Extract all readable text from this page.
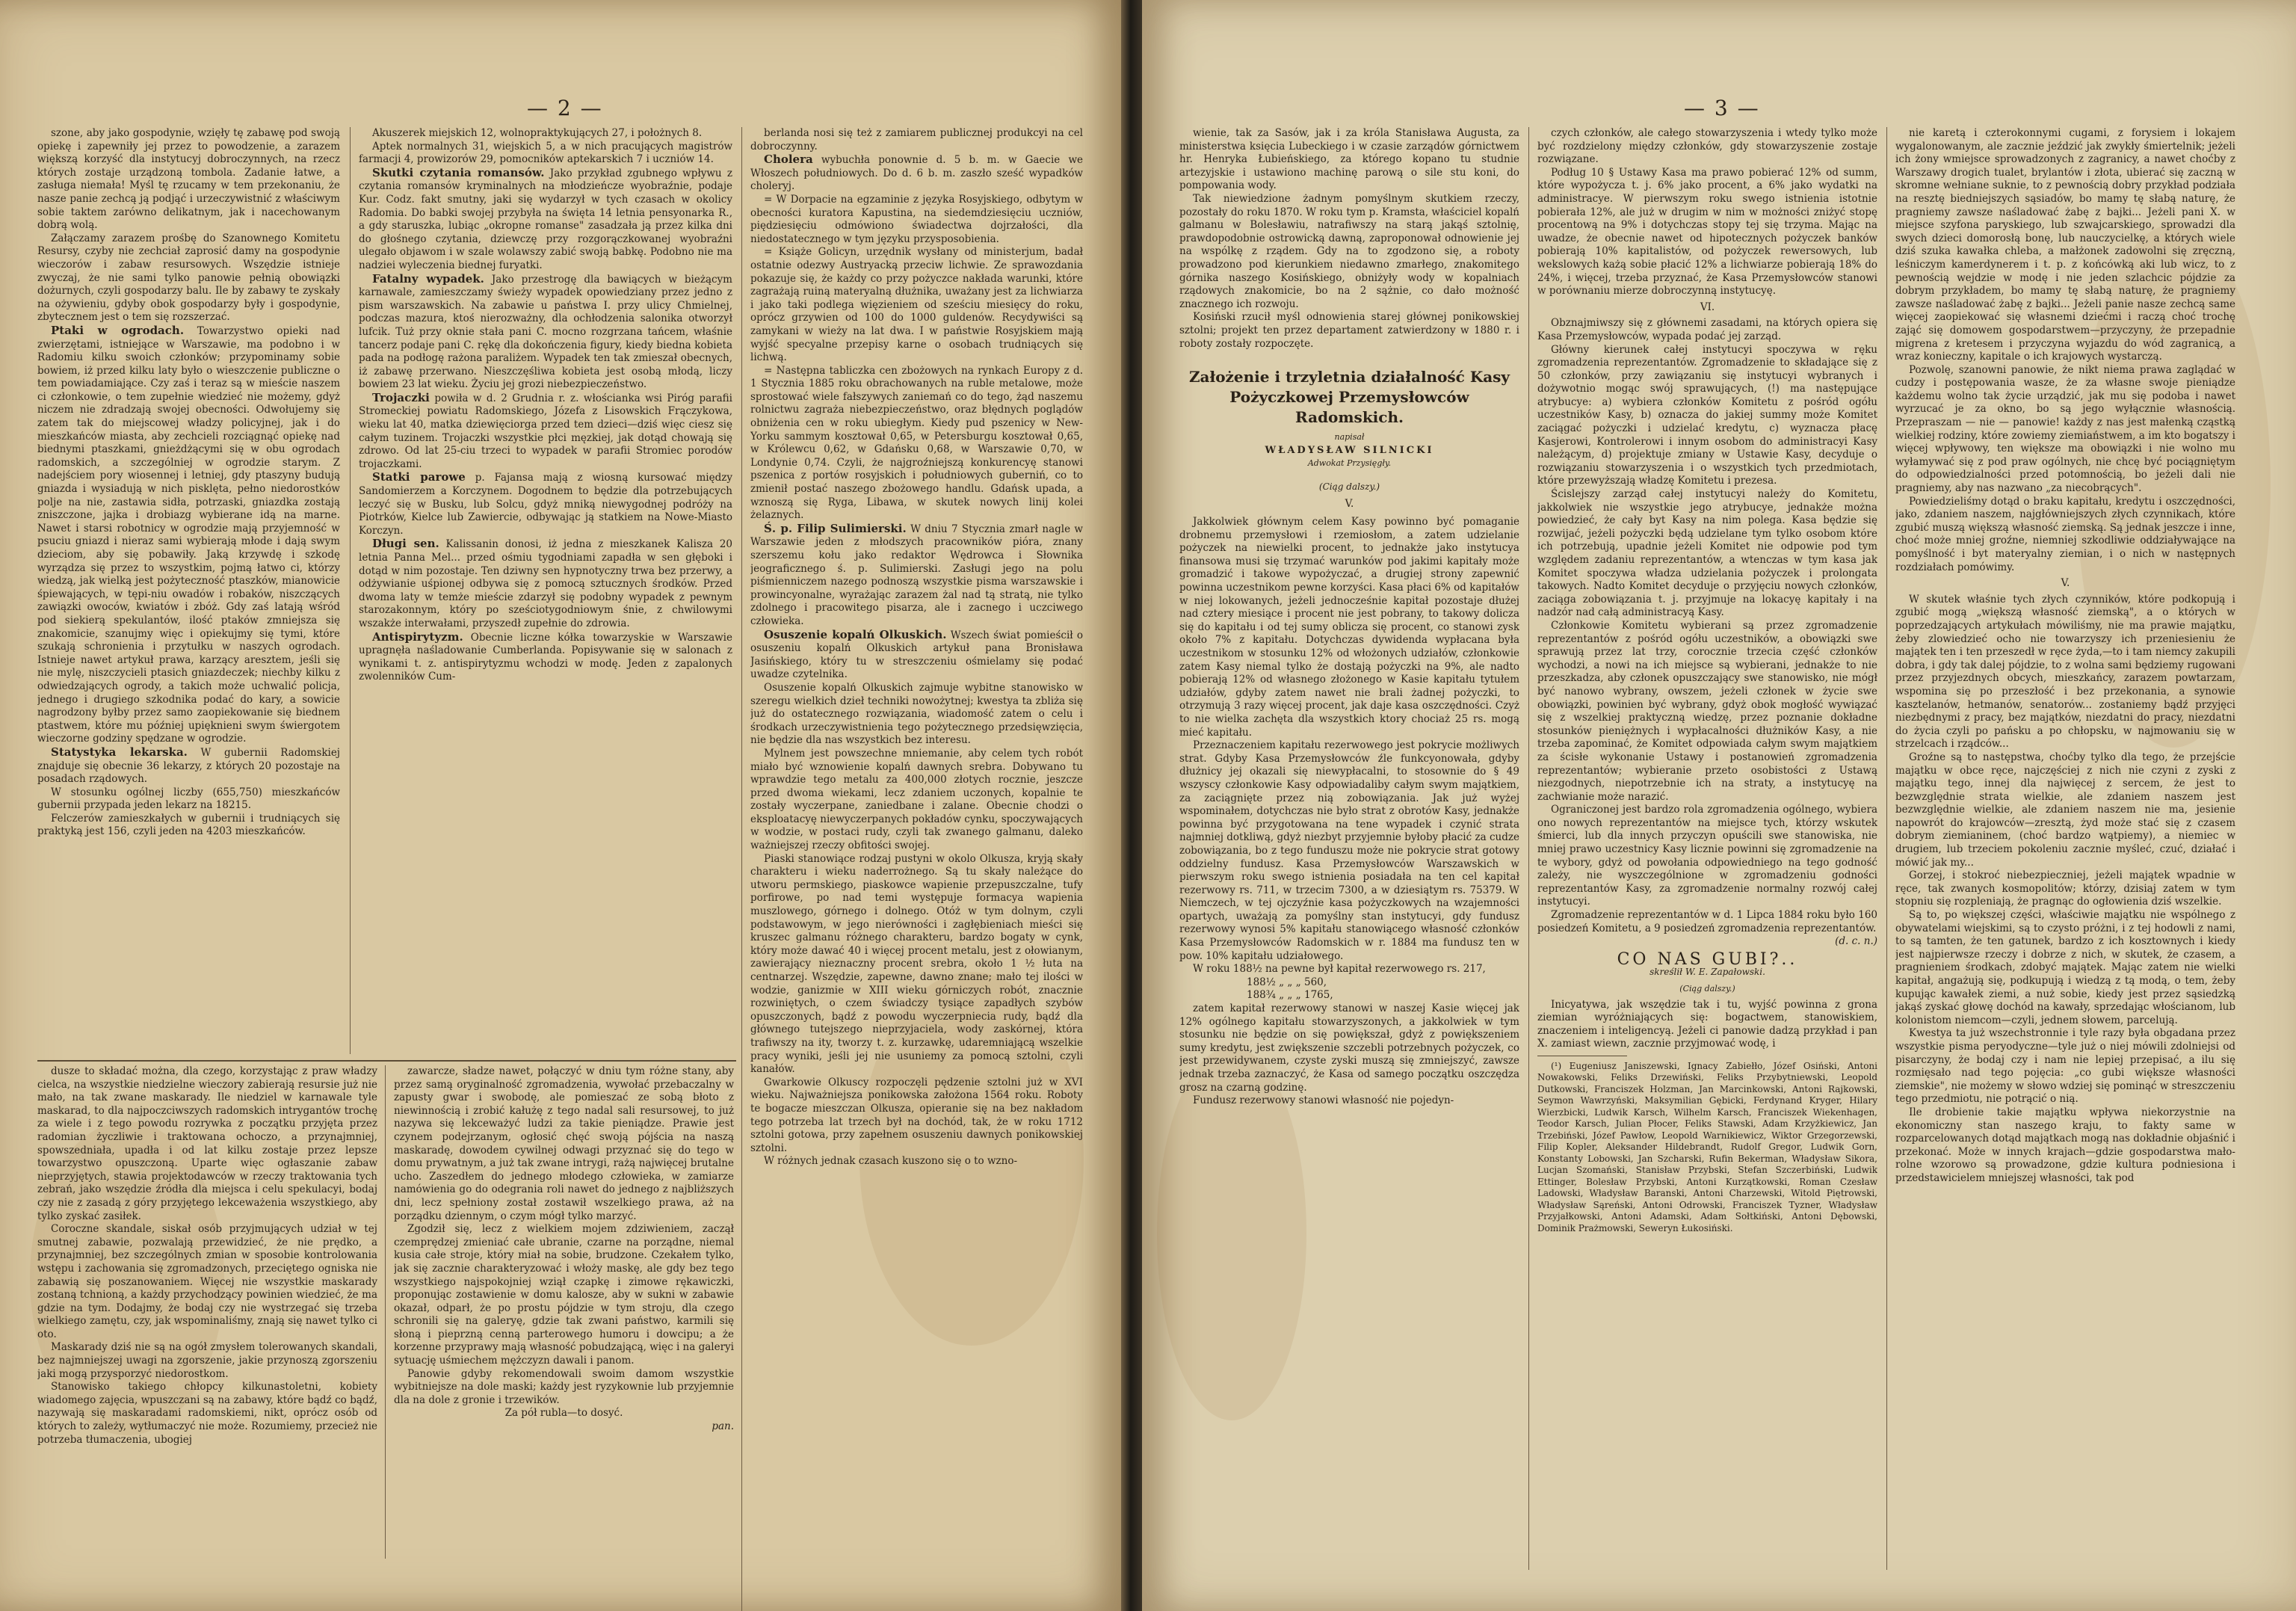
— 2 —

szone, aby jako gospodynie, wzięły tę zabawę pod swoją opiekę i zapewniły jej przez to powodzenie, a zarazem większą korzyść dla instytucyj dobroczynnych, na rzecz których zostaje urządzoną tombola. Zadanie łatwe, a zasługa niemała! Myśl tę rzucamy w tem przekonaniu, że nasze panie zechcą ją podjąć i urzeczywistnić z właściwym sobie taktem zarówno delikatnym, jak i nacechowanym dobrą wolą.

Załączamy zarazem prośbę do Szanownego Komitetu Resursy, czyby nie zechciał zaprosić damy na gospodynie wieczorów i zabaw resursowych. Wszędzie istnieje zwyczaj, że nie sami tylko panowie pełnią obowiązki dożurnych, czyli gospodarzy balu. Ile by zabawy te zyskały na ożywieniu, gdyby obok gospodarzy były i gospodynie, zbytecznem jest o tem się rozszerzać.

Ptaki w ogrodach. Towarzystwo opieki nad zwierzętami, istniejące w Warszawie, ma podobno i w Radomiu kilku swoich członków; przypominamy sobie bowiem, iż przed kilku laty było o wieszczenie publiczne o tem powiadamiające. Czy zaś i teraz są w mieście naszem ci członkowie, o tem zupełnie wiedzieć nie możemy, gdyż niczem nie zdradzają swojej obecności. Odwołujemy się zatem tak do miejscowej władzy policyjnej, jak i do mieszkańców miasta, aby zechcieli rozciągnąć opiekę nad biednymi ptaszkami, gnieżdżącymi się w obu ogrodach radomskich, a szczególniej w ogrodzie starym. Z nadejściem pory wiosennej i letniej, gdy ptaszyny budują gniazda i wysiadują w nich pisklęta, pełno niedorostków polje na nie, zastawia sidła, potrzaski, gniazdka zostają zniszczone, jajka i drobiazg wybierane idą na marne. Nawet i starsi robotnicy w ogrodzie mają przyjemność w psuciu gniazd i nieraz sami wybierają młode i dają swym dzieciom, aby się pobawiły. Jaką krzywdę i szkodę wyrządza się przez to wszystkim, pojmą łatwo ci, którzy wiedzą, jak wielką jest pożyteczność ptaszków, mianowicie śpiewających, w tępi-niu owadów i robaków, niszczących zawiązki owoców, kwiatów i zbóż. Gdy zaś latają wśród pod siekierą spekulantów, ilość ptaków zmniejsza się znakomicie, szanujmy więc i opiekujmy się tymi, które szukają schronienia i przytułku w naszych ogrodach. Istnieje nawet artykuł prawa, karzący aresztem, jeśli się nie mylę, niszczycieli ptasich gniazdeczek; niechby kilku z odwiedzających ogrody, a takich może uchwalić policja, jednego i drugiego szkodnika podać do kary, a sowicie nagrodzony byłby przez samo zaopiekowanie się biednem ptastwem, które mu później upięknieni swym świergotem wieczorne godziny spędzane w ogrodzie.

Statystyka lekarska. W gubernii Radomskiej znajduje się obecnie 36 lekarzy, z których 20 pozostaje na posadach rządowych.

W stosunku ogólnej liczby (655,750) mieszkańców gubernii przypada jeden lekarz na 18215.

Felczerów zamieszkałych w gubernii i trudniących się praktyką jest 156, czyli jeden na 4203 mieszkańców.

Akuszerek miejskich 12, wolnopraktykujących 27, i położnych 8.

Aptek normalnych 31, wiejskich 5, a w nich pracujących magistrów farmacji 4, prowizorów 29, pomocników aptekarskich 7 i uczniów 14.

Skutki czytania romansów. Jako przykład zgubnego wpływu z czytania romansów kryminalnych na młodzieńcze wyobraźnie, podaje Kur. Codz. fakt smutny, jaki się wydarzył w tych czasach w okolicy Radomia. Do babki swojej przybyła na święta 14 letnia pensyonarka R., a gdy staruszka, lubiąc „okropne romanse" zasadzała ją przez kilka dni do głośnego czytania, dziewczę przy rozgorączkowanej wyobraźni ulegało objawom i w szale wolawszy zabić swoją babkę. Podobno nie ma nadziei wyleczenia biednej furyatki.

Fatalny wypadek. Jako przestrogę dla bawiących w bieżącym karnawale, zamieszczamy świeży wypadek opowiedziany przez jedno z pism warszawskich. Na zabawie u państwa I. przy ulicy Chmielnej, podczas mazura, ktoś nierozważny, dla ochłodzenia salonika otworzył lufcik. Tuż przy oknie stała pani C. mocno rozgrzana tańcem, właśnie tancerz podaje pani C. rękę dla dokończenia figury, kiedy biedna kobieta pada na podłogę rażona paraliżem. Wypadek ten tak zmieszał obecnych, iż zabawę przerwano. Nieszczęśliwa kobieta jest osobą młodą, liczy bowiem 23 lat wieku. Życiu jej grozi niebezpieczeństwo.

Trojaczki powiła w d. 2 Grudnia r. z. włościanka wsi Piróg parafii Stromeckiej powiatu Radomskiego, Józefa z Lisowskich Frączykowa, wieku lat 40, matka dziewięciorga przed tem dzieci—dziś więc ciesz się całym tuzinem. Trojaczki wszystkie płci męzkiej, jak dotąd chowają się zdrowo. Od lat 25-ciu trzeci to wypadek w parafii Stromiec porodów trojaczkami.

Statki parowe p. Fajansa mają z wiosną kursować między Sandomierzem a Korczynem. Dogodnem to będzie dla potrzebujących leczyć się w Busku, lub Solcu, gdyż mniką niewygodnej podróży na Piotrków, Kielce lub Zawiercie, odbywając ją statkiem na Nowe-Miasto Korczyn.

Długi sen. Kalissanin donosi, iż jedna z mieszkanek Kalisza 20 letnia Panna Mel... przed ośmiu tygodniami zapadła w sen głęboki i dotąd w nim pozostaje. Ten dziwny sen hypnotyczny trwa bez przerwy, a odżywianie uśpionej odbywa się z pomocą sztucznych środków. Przed dwoma laty w temże mieście zdarzył się podobny wypadek z pewnym starozakonnym, który po sześciotygodniowym śnie, z chwilowymi wszakże interwałami, przyszedł zupełnie do zdrowia.

Antispirytyzm. Obecnie liczne kółka towarzyskie w Warszawie upragnęła naśladowanie Cumberlanda. Popisywanie się w salonach z wynikami t. z. antispirytyzmu wchodzi w modę. Jeden z zapalonych zwolenników Cum-

berlanda nosi się też z zamiarem publicznej produkcyi na cel dobroczynny.

Cholera wybuchła ponownie d. 5 b. m. w Gaecie we Włoszech południowych. Do d. 6 b. m. zaszło sześć wypadków choleryj.

= W Dorpacie na egzaminie z języka Rosyjskiego, odbytym w obecności kuratora Kapustina, na siedemdziesięciu uczniów, piędziesięciu odmówiono świadectwa dojrzałości, dla niedostatecznego w tym języku przysposobienia.

= Książe Golicyn, urzędnik wysłany od ministerjum, badał ostatnie odezwy Austryacką przeciw lichwie. Ze sprawozdania pokazuje się, że każdy co przy pożyczce nakłada warunki, które zagrażają ruiną materyalną dłużnika, uważany jest za lichwiarza i jako taki podlega więzieniem od sześciu miesięcy do roku, oprócz grzywien od 100 do 1000 guldenów. Recydywiści są zamykani w wieży na lat dwa. I w państwie Rosyjskiem mają wyjść specyalne przepisy karne o osobach trudniących się lichwą.

= Następna tabliczka cen zbożowych na rynkach Europy z d. 1 Stycznia 1885 roku obrachowanych na ruble metalowe, może sprostować wiele fałszywych zaniemań co do tego, żąd naszemu rolnictwu zagraża niebezpieczeństwo, oraz błędnych poglądów obniżenia cen w roku ubiegłym. Kiedy pud pszenicy w New-Yorku sammym kosztował 0,65, w Petersburgu kosztował 0,65, w Królewcu 0,62, w Gdańsku 0,68, w Warszawie 0,70, w Londynie 0,74. Czyli, że najgroźniejszą konkurencyę stanowi pszenica z portów rosyjskich i południowych guberniń, co to zmienił postać naszego zbożowego handlu. Gdańsk upada, a wznoszą się Ryga, Libawa, w skutek nowych linij kolei żelaznych.

Ś. p. Filip Sulimierski. W dniu 7 Stycznia zmarł nagle w Warszawie jeden z młodszych pracowników pióra, znany szerszemu kołu jako redaktor Wędrowca i Słownika jeograficznego ś. p. Sulimierski. Zasługi jego na polu piśmienniczem nazego podnoszą wszystkie pisma warszawskie i prowincyonalne, wyrażając zarazem żal nad tą stratą, nie tylko zdolnego i pracowitego pisarza, ale i zacnego i uczciwego człowieka.

Osuszenie kopalń Olkuskich. Wszech świat pomieścił o osuszeniu kopalń Olkuskich artykuł pana Bronisława Jasińskiego, który tu w streszczeniu ośmielamy się podać uwadze czytelnika.

Osuszenie kopalń Olkuskich zajmuje wybitne stanowisko w szeregu wielkich dzieł techniki nowożytnej; kwestya ta zbliża się już do ostatecznego rozwiązania, wiadomość zatem o celu i środkach urzeczywistnienia tego pożytecznego przedsięwzięcia, nie będzie dla nas wszystkich bez interesu.

Mylnem jest powszechne mniemanie, aby celem tych robót miało być wznowienie kopalń dawnych srebra. Dobywano tu wprawdzie tego metalu za 400,000 złotych rocznie, jeszcze przed dwoma wiekami, lecz zdaniem uczonych, kopalnie te zostały wyczerpane, zaniedbane i zalane. Obecnie chodzi o eksploatacyę niewyczerpanych pokładów cynku, spoczywających w wodzie, w postaci rudy, czyli tak zwanego galmanu, daleko ważniejszej rzeczy obfitości swojej.

Piaski stanowiące rodzaj pustyni w okolo Olkusza, kryją skały charakteru i wieku naderrożnego. Są tu skały należące do utworu permskiego, piaskowce wapienie przepuszczalne, tufy porfirowe, po nad temi występuje formacya wapienia muszlowego, górnego i dolnego. Otóż w tym dolnym, czyli podstawowym, w jego nierówności i zagłębieniach mieści się kruszec galmanu różnego charakteru, bardzo bogaty w cynk, który może dawać 40 i więcej procent metalu, jest z ołowianym, zawierający nieznaczny procent srebra, około 1 ½ łuta na centnarzej. Wszędzie, zapewne, dawno znane; mało tej ilości w wodzie, ganizmie w XIII wieku górniczych robót, znacznie rozwiniętych, o czem świadczy tysiące zapadłych szybów opuszczonych, bądź z powodu wyczerpniecia rudy, bądź dla głównego tutejszego nieprzyjaciela, wody zaskórnej, która trafiwszy na ity, tworzy t. z. kurzawkę, udaremniającą wszelkie pracy wyniki, jeśli jej nie usuniemy za pomocą sztolni, czyli kanałów.

Gwarkowie Olkuscy rozpoczęli pędzenie sztolni już w XVI wieku. Najważniejsza ponikowska założona 1564 roku. Roboty te bogacze mieszczan Olkusza, opieranie się na bez nakładom tego potrzeba lat trzech był na dochód, tak, że w roku 1712 sztolni gotowa, przy zapełnem osuszeniu dawnych ponikowskiej sztolni.

W różnych jednak czasach kuszono się o to wzno-

dusze to składać można, dla czego, korzystając z praw władzy cielca, na wszystkie niedzielne wieczory zabierają resursie już nie mało, na tak zwane maskarady. Ile niedziel w karnawale tyle maskarad, to dla najpoczciwszych radomskich intrygantów trochę za wiele i z tego powodu rozrywka z początku przyjęta przez radomian życzliwie i traktowana ochoczo, a przynajmniej, spowszedniała, upadła i od lat kilku zostaje przez lepsze towarzystwo opuszczoną. Uparte więc ogłaszanie zabaw nieprzyjętych, stawia projektodawców w rzeczy traktowania tych zebrań, jako wszędzie źródła dla miejsca i celu spekulacyi, bodaj czy nie z zasadą z góry przyjętego lekceważenia wszystkiego, aby tylko zyskać zasiłek.

Coroczne skandale, siskał osób przyjmujących udział w tej smutnej zabawie, pozwalają przewidzieć, że nie prędko, a przynajmniej, bez szczególnych zmian w sposobie kontrolowania wstępu i zachowania się zgromadzonych, przeciętego ogniska nie zabawią się poszanowaniem. Więcej nie wszystkie maskarady zostaną tchnioną, a każdy przychodzący powinien wiedzieć, że ma gdzie na tym. Dodajmy, że bodaj czy nie wystrzegać się trzeba wielkiego zamętu, czy, jak wspominaliśmy, znają się nawet tylko ci oto.

Maskarady dziś nie są na ogół zmysłem tolerowanych skandali, bez najmniejszej uwagi na zgorszenie, jakie przynoszą zgorszeniu jaki mogą przysporzyć niedorostkom.

Stanowisko takiego chłopcy kilkunastoletni, kobiety wiadomego zajęcia, wpuszczani są na zabawy, które bądź co bądź, nazywają się maskaradami radomskiemi, nikt, oprócz osób od których to zależy, wytłumaczyć nie może. Rozumiemy, przecież nie potrzeba tłumaczenia, ubogiej

zawarcze, sładze nawet, połączyć w dniu tym różne stany, aby przez samą oryginalność zgromadzenia, wywołać przebaczalny w zapusty gwar i swobodę, ale pomieszać ze sobą błoto z niewinnością i zrobić kałużę z tego nadal sali resursowej, to już nazywa się lekceważyć ludzi za takie pieniądze. Prawie jest czynem podejrzanym, ogłosić chęć swoją pójścia na naszą maskaradę, dowodem cywilnej odwagi przyznać się do tego w domu prywatnym, a już tak zwane intrygi, rażą najwięcej brutalne ucho. Zaszedłem do jednego młodego człowieka, w zamiarze namówienia go do odegrania roli nawet do jednego z najbliższych dni, lecz spełniony został zostawił wszelkiego prawa, aż na porządku dziennym, o czym mógł tylko marzyć.

Zgodził się, lecz z wielkiem mojem zdziwieniem, zaczął czemprędzej zmieniać całe ubranie, czarne na porządne, niemal kusia całe stroje, który miał na sobie, brudzone. Czekałem tylko, jak się zacznie charakteryzować i włoży maskę, ale gdy bez tego wszystkiego najspokojniej wziął czapkę i zimowe rękawiczki, proponując zostawienie w domu kalosze, aby w sukni w zabawie okazał, odparł, że po prostu pójdzie w tym stroju, dla czego schronili się na galeryę, gdzie tak zwani państwo, karmili się słoną i pieprzną cenną parterowego humoru i dowcipu; a że korzenne przyprawy mają własność pobudzającą, więc i na galeryi sytuację uśmiechem mężczyzn dawali i panom.

Panowie gdyby rekomendowali swoim damom wszystkie wybitniejsze na dole maski; każdy jest ryzykownie lub przyjemnie dla na dole z gronie i trzewików.

Za pół rubla—to dosyć.

pan.

— 3 —

wienie, tak za Sasów, jak i za króla Stanisława Augusta, za ministerstwa księcia Lubeckiego i w czasie zarządów górnictwem hr. Henryka Łubieńskiego, za którego kopano tu studnie artezyjskie i ustawiono machinę parową o sile stu koni, do pompowania wody.

Tak niewiedzione żadnym pomyślnym skutkiem rzeczy, pozostały do roku 1870. W roku tym p. Kramsta, właściciel kopalń galmanu w Bolesławiu, natrafiwszy na starą jakąś sztolnię, prawdopodobnie ostrowicką dawną, zaproponował odnowienie jej na wspólkę z rządem. Gdy na to zgodzono się, a roboty prowadzono pod kierunkiem niedawno zmarłego, znakomitego górnika naszego Kosińskiego, obniżyły wody w kopalniach rządowych znakomicie, bo na 2 sążnie, co dało możność znacznego ich rozwoju.

Kosiński rzucił myśl odnowienia starej głównej ponikowskiej sztolni; projekt ten przez departament zatwierdzony w 1880 r. i roboty zostały rozpoczęte.

Założenie i trzyletnia działalność Kasy Pożyczkowej Przemysłowców Radomskich.
napisał
WŁADYSŁAW SILNICKI
Adwokat Przysięgły.
(Ciąg dalszy.)
V.

Jakkolwiek głównym celem Kasy powinno być pomaganie drobnemu przemysłowi i rzemiosłom, a zatem udzielanie pożyczek na niewielki procent, to jednakże jako instytucya finansowa musi się trzymać warunków pod jakimi kapitały może gromadzić i takowe wypożyczać, a drugiej strony zapewnić powinna uczestnikom pewne korzyści. Kasa płaci 6% od kapitałów w niej lokowanych, jeżeli jednocześnie kapitał pozostaje dłużej nad cztery miesiące i procent nie jest pobrany, to takowy dolicza się do kapitału i od tej sumy oblicza się procent, co stanowi zysk około 7% z kapitału. Dotychczas dywidenda wypłacana była uczestnikom w stosunku 12% od włożonych udziałów, członkowie zatem Kasy niemal tylko że dostają pożyczki na 9%, ale nadto pobierają 12% od własnego złożonego w Kasie kapitału tytułem udziałów, gdyby zatem nawet nie brali żadnej pożyczki, to otrzymują 3 razy więcej procent, jak daje kasa oszczędności. Czyż to nie wielka zachęta dla wszystkich ktory chociaż 25 rs. mogą mieć kapitału.

Przeznaczeniem kapitału rezerwowego jest pokrycie możliwych strat. Gdyby Kasa Przemysłowców źle funkcyonowała, gdyby dłużnicy jej okazali się niewypłacalni, to stosownie do § 49 wszyscy członkowie Kasy odpowiadaliby całym swym majątkiem, za zaciągnięte przez nią zobowiązania. Jak już wyżej wspominałem, dotychczas nie było strat z obrotów Kasy, jednakże powinna być przygotowana na tene wypadek i czynić strata najmniej dotkliwą, gdyż niezbyt przyjemnie byłoby płacić za cudze zobowiązania, bo z tego funduszu może nie pokrycie strat gotowy oddzielny fundusz. Kasa Przemysłowców Warszawskich w pierwszym roku swego istnienia posiadała na ten cel kapitał rezerwowy rs. 711, w trzecim 7300, a w dziesiątym rs. 75379. W Niemczech, w tej ojczyźnie kasa pożyczkowych na wzajemności opartych, uważają za pomyślny stan instytucyi, gdy fundusz rezerwowy wynosi 5% kapitału stanowiącego własność członków Kasa Przemysłowców Radomskich w r. 1884 ma fundusz ten w pow. 10% kapitału udziałowego.

W roku 188½ na pewne był kapitał rezerwowego rs. 217,

188½ „ „ „ 560,

188¾ „ „ „ 1765,

zatem kapitał rezerwowy stanowi w naszej Kasie więcej jak 12% ogólnego kapitału stowarzyszonych, a jakkolwiek w tym stosunku nie będzie on się powiększał, gdyż z powiększeniem sumy kredytu, jest zwiększenie szczebli potrzebnych pożyczek, co jest przewidywanem, czyste zyski muszą się zmniejszyć, zawsze jednak trzeba zaznaczyć, że Kasa od samego początku oszczędza grosz na czarną godzinę.

Fundusz rezerwowy stanowi własność nie pojedyn-

czych członków, ale całego stowarzyszenia i wtedy tylko może być rozdzielony między członków, gdy stowarzyszenie zostaje rozwiązane.

Podług 10 § Ustawy Kasa ma prawo pobierać 12% od summ, które wypożycza t. j. 6% jako procent, a 6% jako wydatki na administracye. W pierwszym roku swego istnienia istotnie pobierała 12%, ale już w drugim w nim w możności zniżyć stopę procentową na 9% i dotychczas stopy tej się trzyma. Mając na uwadze, że obecnie nawet od hipotecznych pożyczek banków pobierają 10% kapitalistów, od pożyczek rewersowych, lub wekslowych każą sobie płacić 12% a lichwiarze pobierają 18% do 24%, i więcej, trzeba przyznać, że Kasa Przemysłowców stanowi w porównaniu mierze dobroczynną instytucyę.

VI.

Obznajmiwszy się z głównemi zasadami, na których opiera się Kasa Przemysłowców, wypada podać jej zarząd.

Główny kierunek całej instytucyi spoczywa w ręku zgromadzenia reprezentantów. Zgromadzenie to składające się z 50 członków, przy zawiązaniu się instytucyi wybranych i dożywotnio mogąc swój sprawujących, (!) ma następujące atrybucye: a) wybiera członków Komitetu z pośród ogółu uczestników Kasy, b) oznacza do jakiej summy może Komitet zaciągać pożyczki i udzielać kredytu, c) wyznacza płacę Kasjerowi, Kontrolerowi i innym osobom do administracyi Kasy należącym, d) projektuje zmiany w Ustawie Kasy, decyduje o rozwiązaniu stowarzyszenia i o wszystkich tych przedmiotach, które przewyższają władzę Komitetu i prezesa.

Ścislejszy zarząd całej instytucyi należy do Komitetu, jakkolwiek nie wszystkie jego atrybucye, jednakże można powiedzieć, że cały byt Kasy na nim polega. Kasa będzie się rozwijać, jeżeli pożyczki będą udzielane tym tylko osobom które ich potrzebują, upadnie jeżeli Komitet nie odpowie pod tym względem zadaniu reprezentantów, a wtenczas w tym kasa jak Komitet spoczywa władza udzielania pożyczek i prolongata takowych. Nadto Komitet decyduje o przyjęciu nowych członków, zaciąga zobowiązania t. j. przyjmuje na lokacyę kapitały i na nadzór nad całą administracyą Kasy.

Członkowie Komitetu wybierani są przez zgromadzenie reprezentantów z pośród ogółu uczestników, a obowiązki swe sprawują przez lat trzy, corocznie trzecia część członków wychodzi, a nowi na ich miejsce są wybierani, jednakże to nie przeszkadza, aby członek opuszczający swe stanowisko, nie mógł być nanowo wybrany, owszem, jeżeli członek w życie swe obowiązki, powinien być wybrany, gdyż obok mogłość wywiązać się z wszelkiej praktyczną wiedzę, przez poznanie dokładne stosunków pieniężnych i wypłacalności dłużników Kasy, a nie trzeba zapominać, że Komitet odpowiada całym swym majątkiem za ścisłe wykonanie Ustawy i postanowień zgromadzenia reprezentantów; wybieranie przeto osobistości z Ustawą niezgodnych, niepotrzebnie ich na straty, a instytucyę na zachwianie może narazić.

Ograniczonej jest bardzo rola zgromadzenia ogólnego, wybiera ono nowych reprezentantów na miejsce tych, którzy wskutek śmierci, lub dla innych przyczyn opuścili swe stanowiska, nie mniej prawo uczestnicy Kasy licznie powinni się zgromadzenie na te wybory, gdyż od powołania odpowiedniego na tego godność zależy, nie wyszczególnione w zgromadzeniu godności reprezentantów Kasy, za zgromadzenie normalny rozwój całej instytucyi.

Zgromadzenie reprezentantów w d. 1 Lipca 1884 roku było 160 posiedzeń Komitetu, a 9 posiedzeń zgromadzenia reprezentantów.

(d. c. n.)
CO NAS GUBI?..
skreślił W. E. Zapałowski.
(Ciąg dalszy.)

Inicyatywa, jak wszędzie tak i tu, wyjść powinna z grona ziemian wyróżniających się: bogactwem, stanowiskiem, znaczeniem i inteligencyą. Jeżeli ci panowie dadzą przykład i pan X. zamiast wiewn, zacznie przyjmować wodę, i

(¹) Eugeniusz Janiszewski, Ignacy Zabiełło, Józef Osiński, Antoni Nowakowski, Feliks Drzewiński, Feliks Przybytniewski, Leopold Dutkowski, Franciszek Holzman, Jan Marcinkowski, Antoni Rajkowski, Seymon Wawrzyński, Maksymilian Gębicki, Ferdynand Kryger, Hilary Wierzbicki, Ludwik Karsch, Wilhelm Karsch, Franciszek Wiekenhagen, Teodor Karsch, Julian Płocer, Feliks Stawski, Adam Krzyżkiewicz, Jan Trzebiński, Józef Pawłow, Leopold Warnikiewicz, Wiktor Grzegorzewski, Filip Kopler, Aleksander Hildebrandt, Rudolf Gregor, Ludwik Gorn, Konstanty Lobowski, Jan Szcharski, Rufin Bekerman, Władysław Sikora, Lucjan Szomański, Stanisław Przybski, Stefan Szczerbiński, Ludwik Ettinger, Bolesław Przybski, Antoni Kurzątkowski, Roman Czesław Ladowski, Władysław Baranski, Antoni Charzewski, Witold Piętrowski, Władysław Sąreński, Antoni Odrowski, Franciszek Tyzner, Władysław Przyjałkowski, Antoni Adamski, Adam Sołtkiński, Antoni Dębowski, Dominik Prażmowski, Seweryn Łukosiński.

nie karetą i czterokonnymi cugami, z forysiem i lokajem wygalonowanym, ale zacznie jeździć jak zwykły śmiertelnik; jeżeli ich żony wmiejsce sprowadzonych z zagranicy, a nawet choćby z Warszawy drogich tualet, brylantów i złota, ubierać się zaczną w skromne wełniane suknie, to z pewnością dobry przykład podziała na resztę biedniejszych sąsiadów, bo mamy tę słabą naturę, że pragniemy zawsze naśladować żabę z bajki... Jeżeli pani X. w miejsce szyfona paryskiego, lub szwajcarskiego, sprowadzi dla swych dzieci domorosłą bonę, lub nauczycielkę, a których wiele dziś szuka kawałka chleba, a małżonek zadowolni się zręczną, leśniczym kamerdynerem i t. p. z końcówką aki lub wicz, to z pewnością wejdzie w modę i nie jeden szlachcic pójdzie za dobrym przykładem, bo mamy tę słabą naturę, że pragniemy zawsze naśladować żabę z bajki... Jeżeli panie nasze zechcą same więcej zaopiekować się własnemi dziećmi i raczą choć trochę zająć się domowem gospodarstwem—przyczyny, że przepadnie migrena z kretesem i przyczyna wyjazdu do wód zagranicą, a wraz konieczny, kapitale o ich krajowych wystarczą.

Pozwolę, szanowni panowie, że nikt niema prawa zaglądać w cudzy i postępowania wasze, że za własne swoje pieniądze każdemu wolno tak życie urządzić, jak mu się podoba i nawet wyrzucać je za okno, bo są jego wyłącznie własnością. Przepraszam — nie — panowie! każdy z nas jest małenką cząstką wielkiej rodziny, które zowiemy ziemiaństwem, a im kto bogatszy i więcej wpływowy, ten większe ma obowiązki i nie wolno mu wyłamywać się z pod praw ogólnych, nie chcę być pociągniętym do odpowiedzialności przed potomnością, bo jeżeli dali nie pragniemy, aby nas nazwano „za niecobrących".

Powiedzieliśmy dotąd o braku kapitału, kredytu i oszczędności, jako, zdaniem naszem, najgłówniejszych złych czynnikach, które zgubić muszą większą własność ziemską. Są jednak jeszcze i inne, choć może mniej groźne, niemniej szkodliwie oddziaływające na pomyślność i byt materyalny ziemian, i o nich w następnych rozdziałach pomówimy.

V.

W skutek właśnie tych złych czynników, które podkopują i zgubić mogą „większą własność ziemską", a o których w poprzedzających artykułach mówiliśmy, nie ma prawie majątku, żeby zlowiedzieć ocho nie towarzyszy ich przeniesieniu że majątek ten i ten przeszedł w ręce żyda,—to i tam niemcy zakupili dobra, i gdy tak dalej pójdzie, to z wolna sami będziemy rugowani przez przyjezdnych obcych, mieszkańcy, zarazem powtarzam, wspomina się po przeszłość i bez przekonania, a synowie kasztelanów, hetmanów, senatorów... zostaniemy bądź przyjęci niezbędnymi z pracy, bez majątków, niezdatni do pracy, niezdatni do życia czyli po pańsku a po chłopsku, w najmowaniu się w strzelcach i rządców...

Groźne są to następstwa, choćby tylko dla tego, że przejście majątku w obce ręce, najczęściej z nich nie czyni z zyski z majątku tego, innej dla najwięcej z sercem, że jest to bezwzględnie strata wielkie, ale zdaniem naszem jest bezwzględnie wielkie, ale zdaniem naszem nie ma, jesienie napowrót do krajowców—zresztą, żyd może stać się z czasem dobrym ziemianinem, (choć bardzo wątpiemy), a niemiec w drugiem, lub trzeciem pokoleniu zacznie myśleć, czuć, działać i mówić jak my...

Gorzej, i stokroć niebezpieczniej, jeżeli majątek wpadnie w ręce, tak zwanych kosmopolitów; którzy, dzisiaj zatem w tym stopniu się rozpleniają, że pragnąc do ogłowienia dziś wszelkie.

Są to, po większej części, właściwie majątku nie wspólnego z obywatelami wiejskimi, są to czysto próżni, i z tej hodowli z nami, to są tamten, że ten gatunek, bardzo z ich kosztownych i kiedy jest najpierwsze rzeczy i dobrze z nich, w skutek, że czasem, a pragnieniem środkach, zdobyć majątek. Mając zatem nie wielki kapitał, angażują się, podkupują i wiedzą z tą modą, o tem, żeby kupując kawałek ziemi, a nuż sobie, kiedy jest przez sąsiedzką jakąś zyskać głowę dochód na kawały, sprzedając włościanom, lub kolonistom niemcom—czyli, jednem słowem, parcelują.

Kwestya ta już wszechstronnie i tyle razy była obgadana przez wszystkie pisma peryodyczne—tyle już o niej mówili zdolniejsi od pisarczyny, że bodaj czy i nam nie lepiej przepisać, a ilu się rozmięsało nad tego pojęcia: „co gubi większe własności ziemskie", nie możemy w słowo wdziej się pominąć w streszczeniu tego przedmiotu, nie potrącić o nią.

Ile drobienie takie majątku wpływa niekorzystnie na ekonomiczny stan naszego kraju, to fakty same w rozparcelowanych dotąd majątkach mogą nas dokładnie objaśnić i przekonać. Może w innych krajach—gdzie gospodarstwa mało-rolne wzorowo są prowadzone, gdzie kultura podniesiona i przedstawicielem mniejszej własności, tak pod
